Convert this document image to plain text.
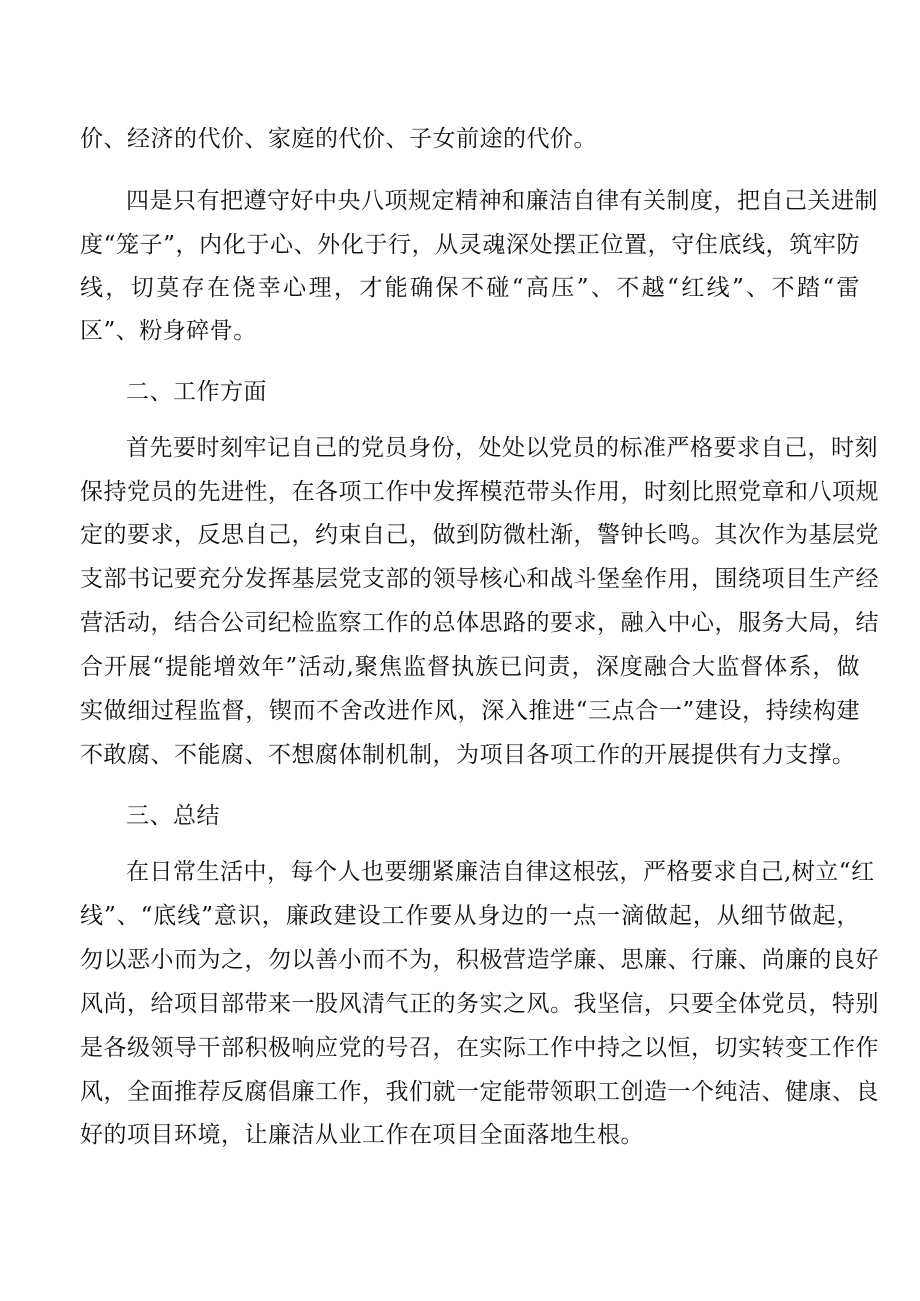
价、经济的代价、家庭的代价、子女前途的代价。
四是只有把遵守好中央八项规定精神和廉洁自律有关制度，把自己关进制
度“笼子”，内化于心、外化于行，从灵魂深处摆正位置，守住底线，筑牢防
线，切莫存在侥幸心理，才能确保不碰“高压”、不越“红线”、不踏“雷
区”、粉身碎骨。
二、工作方面
首先要时刻牢记自己的党员身份，处处以党员的标准严格要求自己，时刻
保持党员的先进性，在各项工作中发挥模范带头作用，时刻比照党章和八项规
定的要求，反思自己，约束自己，做到防微杜渐，警钟长鸣。其次作为基层党
支部书记要充分发挥基层党支部的领导核心和战斗堡垒作用，围绕项目生产经
营活动，结合公司纪检监察工作的总体思路的要求，融入中心，服务大局，结
合开展“提能增效年”活动,聚焦监督执族已问责，深度融合大监督体系，做
实做细过程监督，锲而不舍改进作风，深入推进“三点合一”建设，持续构建
不敢腐、不能腐、不想腐体制机制，为项目各项工作的开展提供有力支撑。
三、总结
在日常生活中，每个人也要绷紧廉洁自律这根弦，严格要求自己,树立“红
线”、“底线”意识，廉政建设工作要从身边的一点一滴做起，从细节做起，
勿以恶小而为之，勿以善小而不为，积极营造学廉、思廉、行廉、尚廉的良好
风尚，给项目部带来一股风清气正的务实之风。我坚信，只要全体党员，特别
是各级领导干部积极响应党的号召，在实际工作中持之以恒，切实转变工作作
风，全面推荐反腐倡廉工作，我们就一定能带领职工创造一个纯洁、健康、良
好的项目环境，让廉洁从业工作在项目全面落地生根。
